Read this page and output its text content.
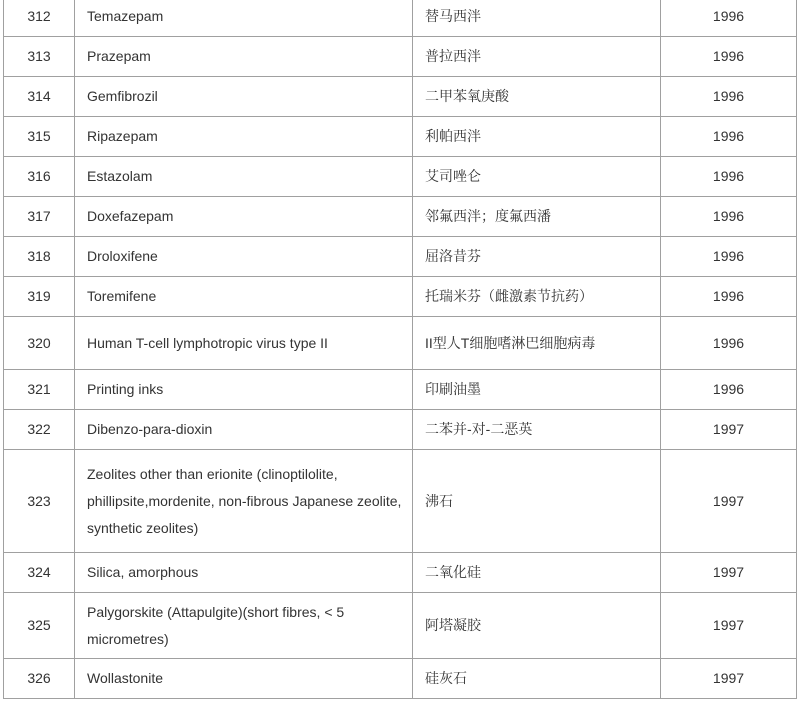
312	Temazepam	替马西泮	1996
313	Prazepam	普拉西泮	1996
314	Gemfibrozil	二甲苯氧庚酸	1996
315	Ripazepam	利帕西泮	1996
316	Estazolam	艾司唑仑	1996
317	Doxefazepam	邻氟西泮；度氟西潘	1996
318	Droloxifene	屈洛昔芬	1996
319	Toremifene	托瑞米芬（雌激素节抗药）	1996
320	Human T-cell lymphotropic virus type II	II型人T细胞嗜淋巴细胞病毒	1996
321	Printing inks	印刷油墨	1996
322	Dibenzo-para-dioxin	二苯并-对-二恶英	1997
323	Zeolites other than erionite (clinoptilolite, phillipsite,mordenite, non-fibrous Japanese zeolite, synthetic zeolites)	沸石	1997
324	Silica, amorphous	二氧化硅	1997
325	Palygorskite (Attapulgite)(short fibres, < 5 micrometres)	阿塔凝胶	1997
326	Wollastonite	硅灰石	1997
